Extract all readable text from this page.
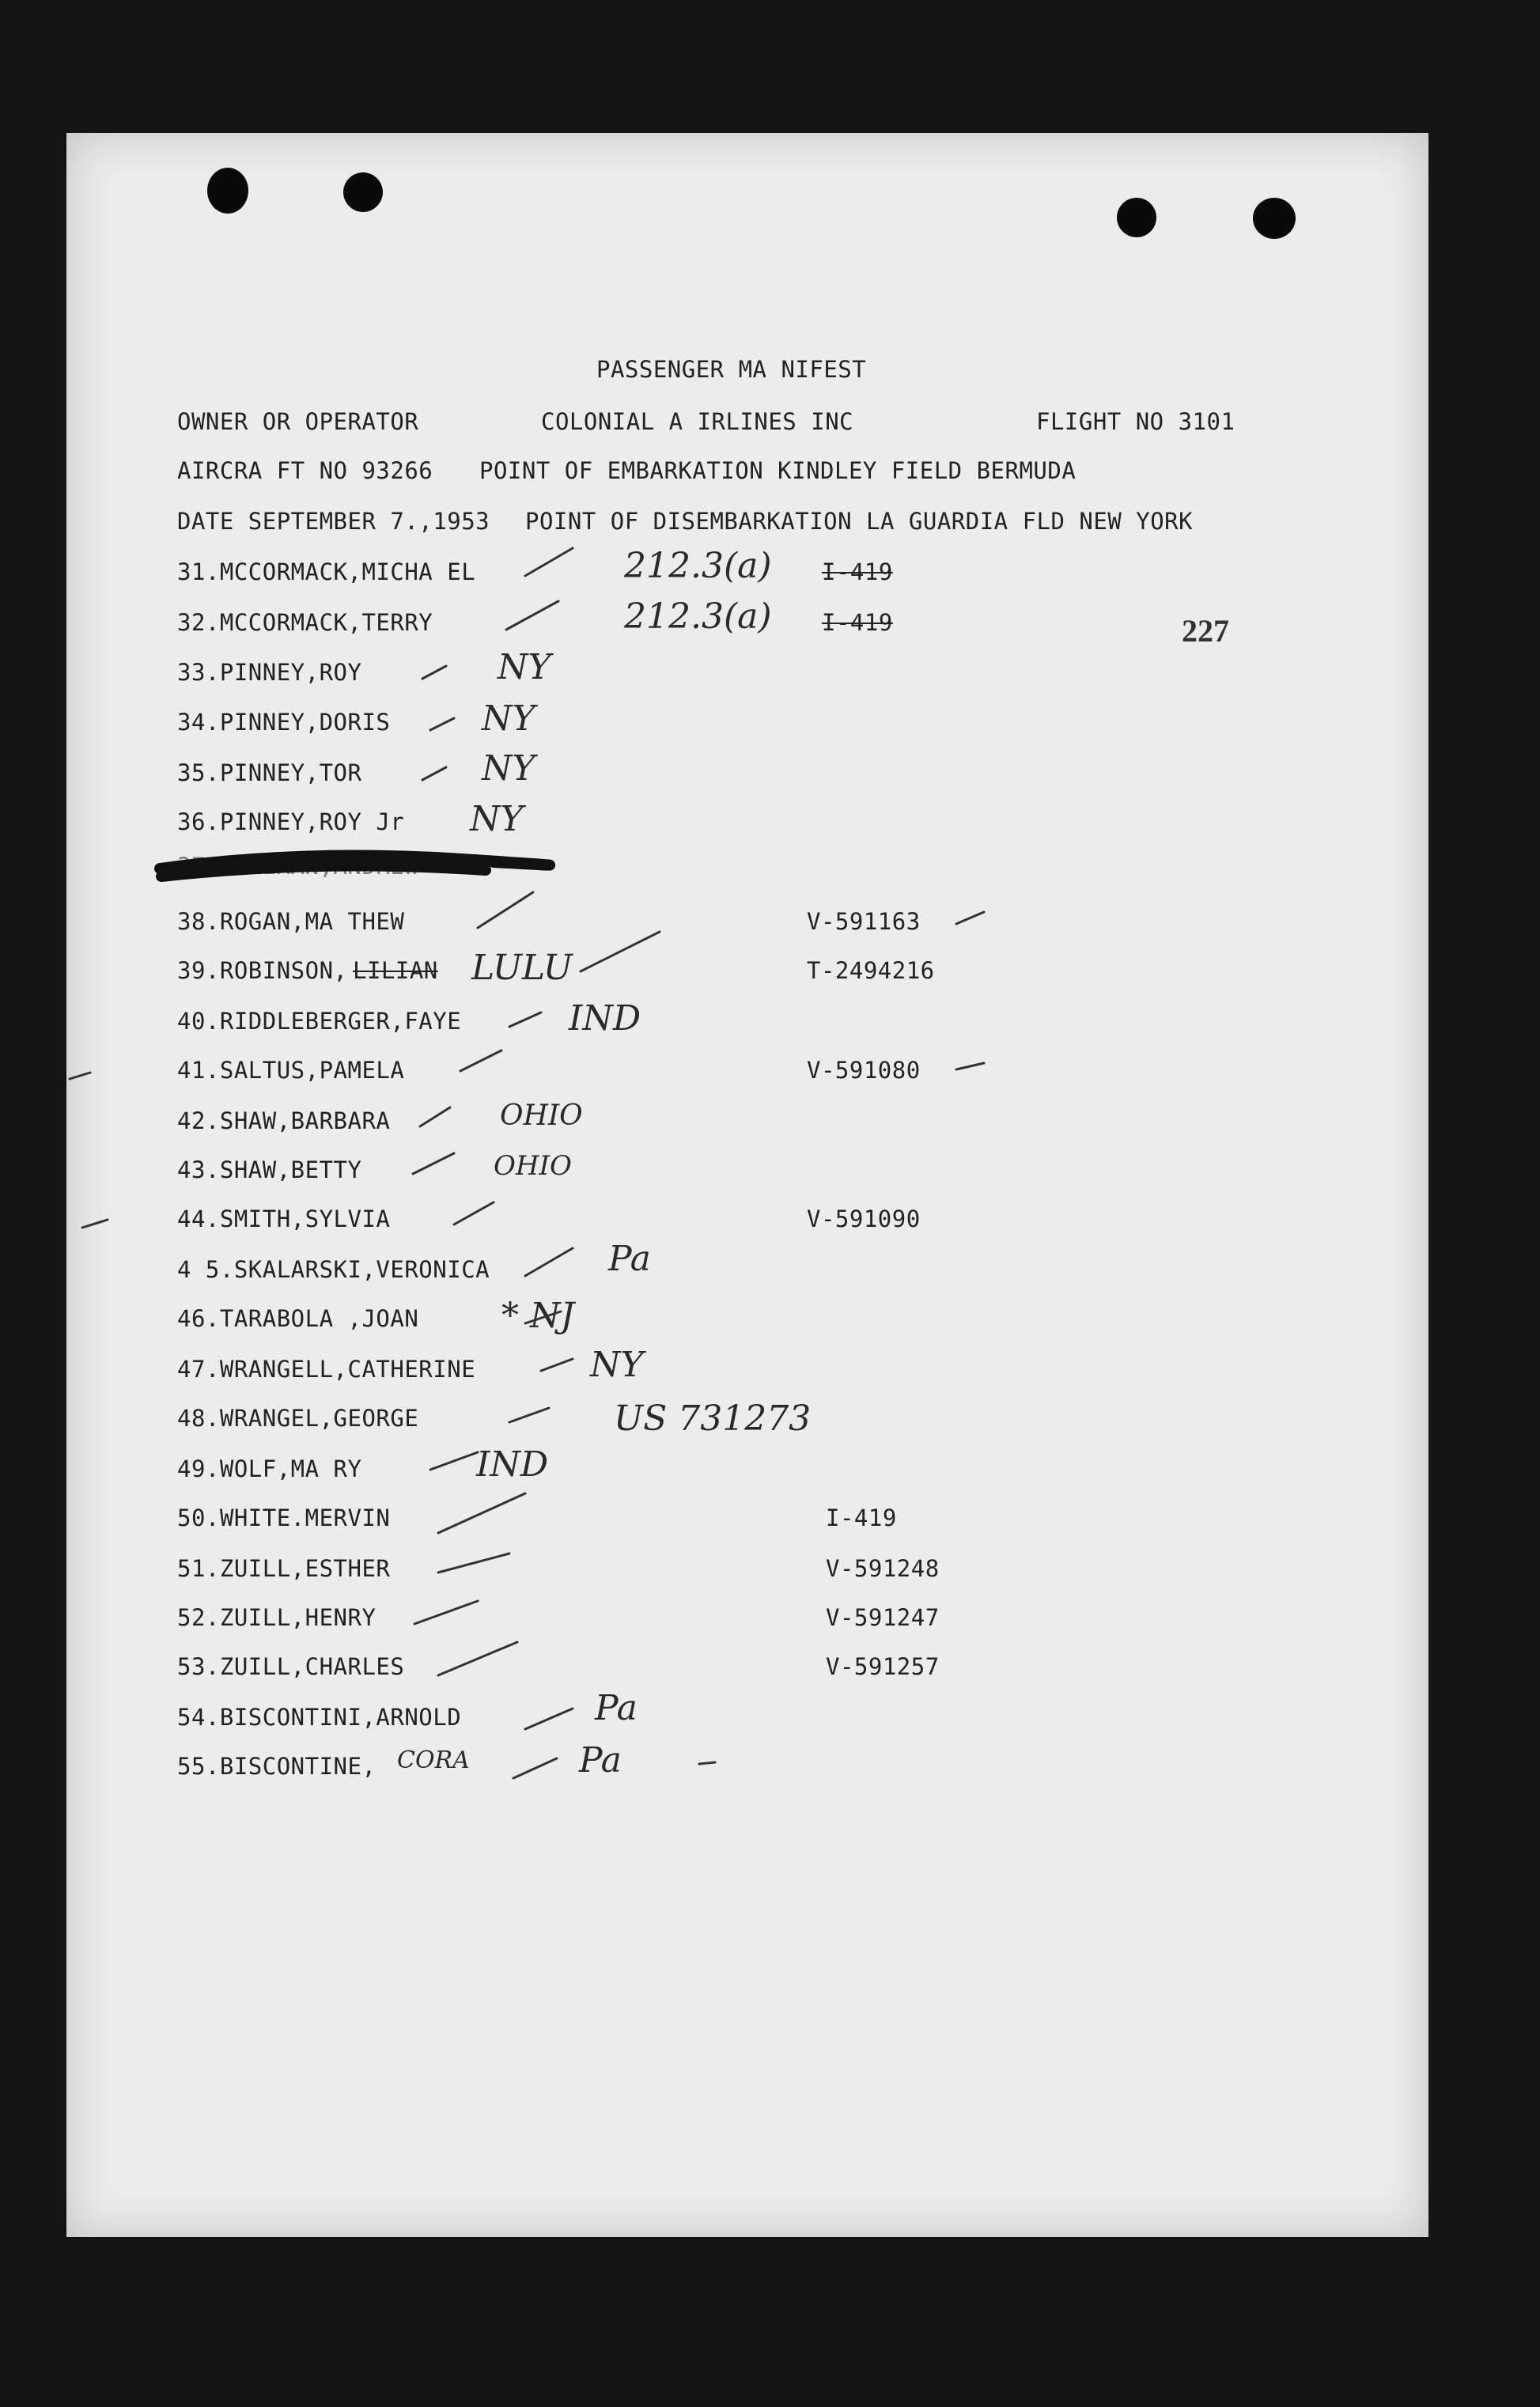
PASSENGER MA NIFEST
OWNER OR OPERATOR	COLONIAL A IRLINES INC	FLIGHT NO 3101
AIRCRA FT NO 93266 POINT OF EMBARKATION KINDLEY FIELD BERMUDA
DATE SEPTEMBER 7.,1953 POINT OF DISEMBARKATION LA GUARDIA FLD NEW YORK
227
31.MCCORMACK,MICHA EL	212.3(a) I-419
32.MCCORMACK,TERRY	212.3(a) I-419
33.PINNEY,ROY	NY
34.PINNEY,DORIS	NY
35.PINNEY,TOR	NY
36.PINNEY,ROY Jr NY
37.COLEMAN,ANDREW
38.ROGAN,MA THEW	V-591163
39.ROBINSON, LILIAN LULU	T-2494216
40.RIDDLEBERGER,FAYE	IND
41.SALTUS,PAMELA	V-591080
42.SHAW,BARBARA	OHIO
43.SHAW,BETTY	OHIO
44.SMITH,SYLVIA	V-591090
4 5.SKALARSKI,VERONICA	Pa
46.TARABOLA ,JOAN * NJ
47.WRANGELL,CATHERINE	NY
48.WRANGEL,GEORGE	US 731273
49.WOLF,MA RY	IND
50.WHITE.MERVIN	I-419
51.ZUILL,ESTHER	V-591248
52.ZUILL,HENRY	V-591247
53.ZUILL,CHARLES	V-591257
54.BISCONTINI,ARNOLD	Pa
55.BISCONTINE, CORA	Pa
